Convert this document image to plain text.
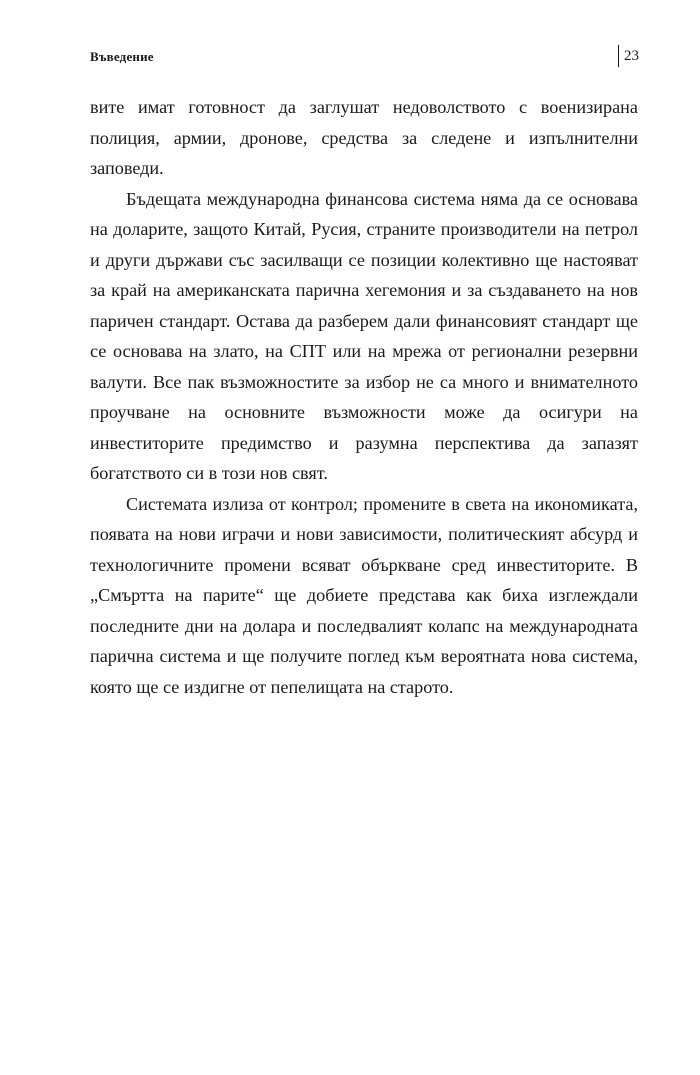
Въведение	23

вите имат готовност да заглушат недоволството с военизирана полиция, армии, дронове, средства за следене и изпълнителни заповеди.

Бъдещата международна финансова система няма да се основава на доларите, защото Китай, Русия, страните производители на петрол и други държави със засилващи се позиции колективно ще настояват за край на американската парична хегемония и за създаването на нов паричен стандарт. Остава да разберем дали финансовият стандарт ще се основава на злато, на СПТ или на мрежа от регионални резервни валути. Все пак възможностите за избор не са много и внимателното проучване на основните възможности може да осигури на инвеститорите предимство и разумна перспектива да запазят богатството си в този нов свят.

Системата излиза от контрол; промените в света на икономиката, появата на нови играчи и нови зависимости, политическият абсурд и технологичните промени всяват объркване сред инвеститорите. В „Смъртта на парите“ ще добиете представа как биха изглеждали последните дни на долара и последвалият колапс на международната парична система и ще получите поглед към вероятната нова система, която ще се издигне от пепелищата на старото.
